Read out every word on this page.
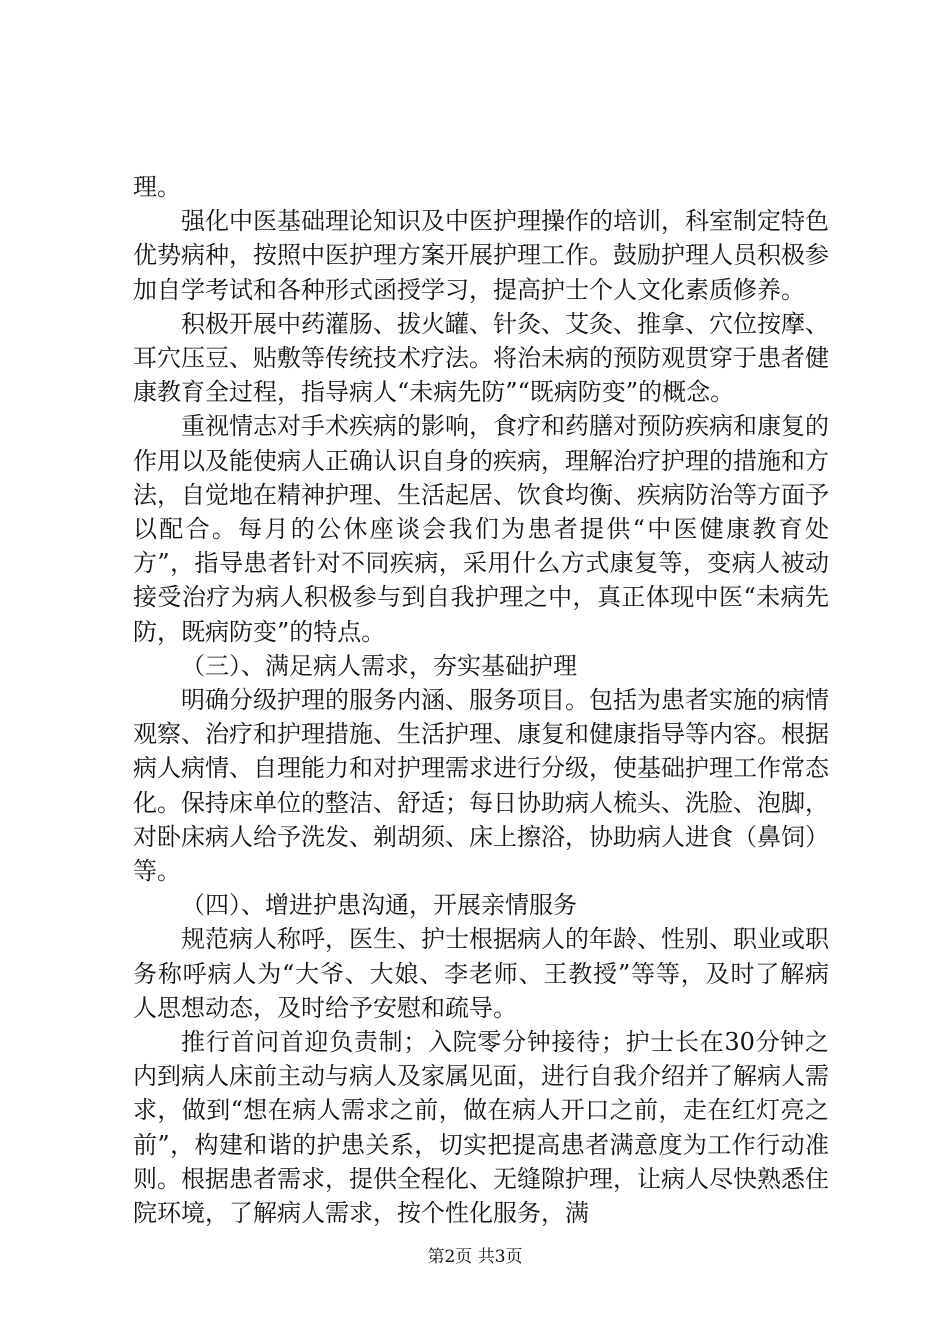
理。

强化中医基础理论知识及中医护理操作的培训，科室制定特色优势病种，按照中医护理方案开展护理工作。鼓励护理人员积极参加自学考试和各种形式函授学习，提高护士个人文化素质修养。

积极开展中药灌肠、拔火罐、针灸、艾灸、推拿、穴位按摩、耳穴压豆、贴敷等传统技术疗法。将治未病的预防观贯穿于患者健康教育全过程，指导病人“未病先防”“既病防变”的概念。

重视情志对手术疾病的影响，食疗和药膳对预防疾病和康复的作用以及能使病人正确认识自身的疾病，理解治疗护理的措施和方法，自觉地在精神护理、生活起居、饮食均衡、疾病防治等方面予以配合。每月的公休座谈会我们为患者提供“中医健康教育处方”，指导患者针对不同疾病，采用什么方式康复等，变病人被动接受治疗为病人积极参与到自我护理之中，真正体现中医“未病先防，既病防变”的特点。

（三）、满足病人需求，夯实基础护理

明确分级护理的服务内涵、服务项目。包括为患者实施的病情观察、治疗和护理措施、生活护理、康复和健康指导等内容。根据病人病情、自理能力和对护理需求进行分级，使基础护理工作常态化。保持床单位的整洁、舒适；每日协助病人梳头、洗脸、泡脚，对卧床病人给予洗发、剃胡须、床上擦浴，协助病人进食（鼻饲）等。

（四）、增进护患沟通，开展亲情服务

规范病人称呼，医生、护士根据病人的年龄、性别、职业或职务称呼病人为“大爷、大娘、李老师、王教授”等等，及时了解病人思想动态，及时给予安慰和疏导。

推行首问首迎负责制；入院零分钟接待；护士长在30分钟之内到病人床前主动与病人及家属见面，进行自我介绍并了解病人需求，做到“想在病人需求之前，做在病人开口之前，走在红灯亮之前”，构建和谐的护患关系，切实把提高患者满意度为工作行动准则。根据患者需求，提供全程化、无缝隙护理，让病人尽快熟悉住院环境，了解病人需求，按个性化服务，满

第2页 共3页
